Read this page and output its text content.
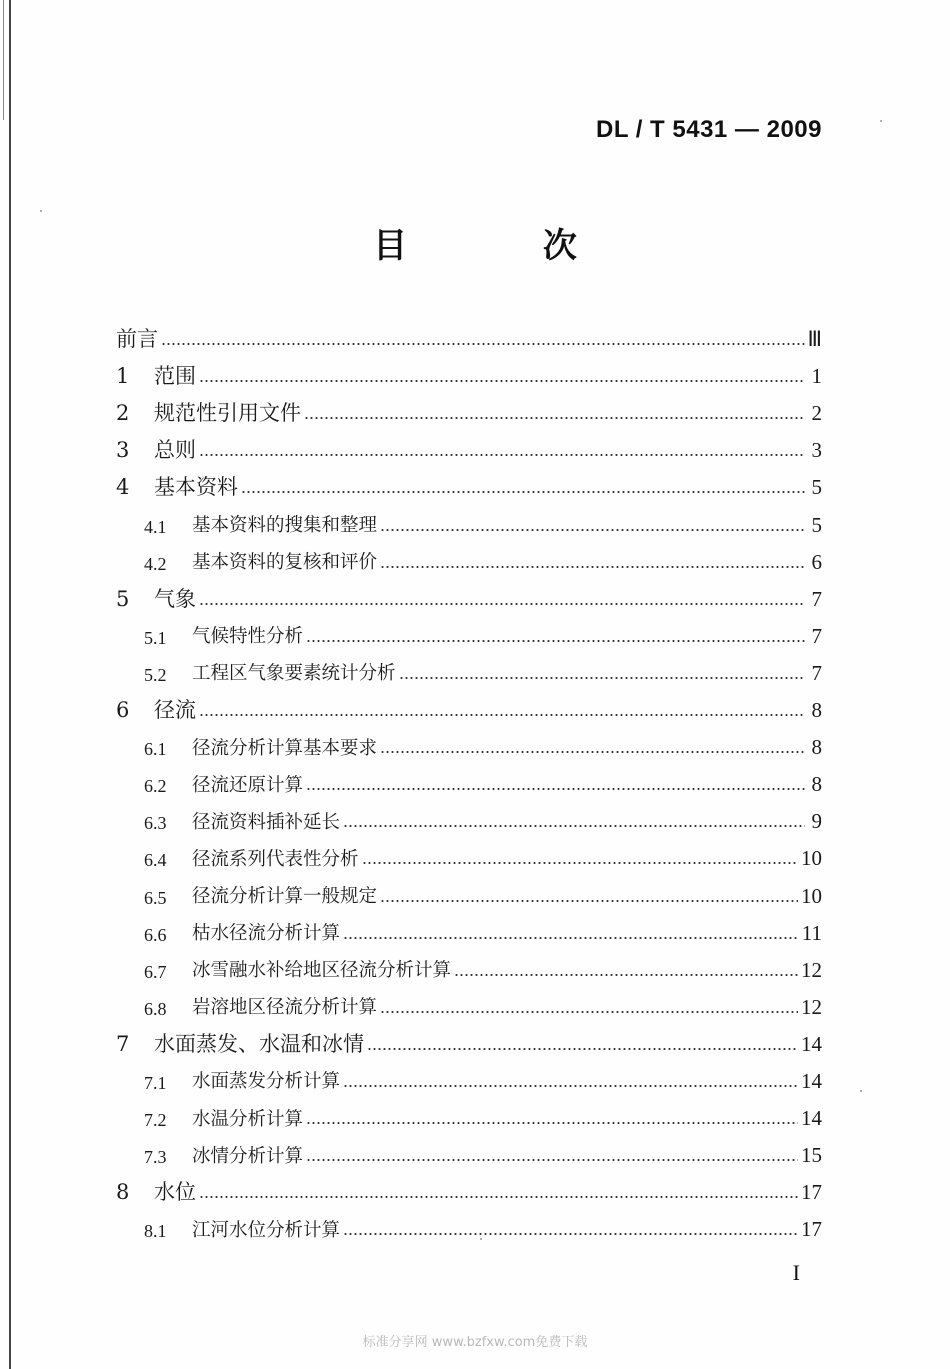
DL / T 5431 — 2009
目 次
前言	Ⅲ
1	范围	1
2	规范性引用文件	2
3	总则	3
4	基本资料	5
4.1	基本资料的搜集和整理	5
4.2	基本资料的复核和评价	6
5	气象	7
5.1	气候特性分析	7
5.2	工程区气象要素统计分析	7
6	径流	8
6.1	径流分析计算基本要求	8
6.2	径流还原计算	8
6.3	径流资料插补延长	9
6.4	径流系列代表性分析	10
6.5	径流分析计算一般规定	10
6.6	枯水径流分析计算	11
6.7	冰雪融水补给地区径流分析计算	12
6.8	岩溶地区径流分析计算	12
7	水面蒸发、水温和冰情	14
7.1	水面蒸发分析计算	14
7.2	水温分析计算	14
7.3	冰情分析计算	15
8	水位	17
8.1	江河水位分析计算	17
I
标准分享网 www.bzfxw.com免费下载
